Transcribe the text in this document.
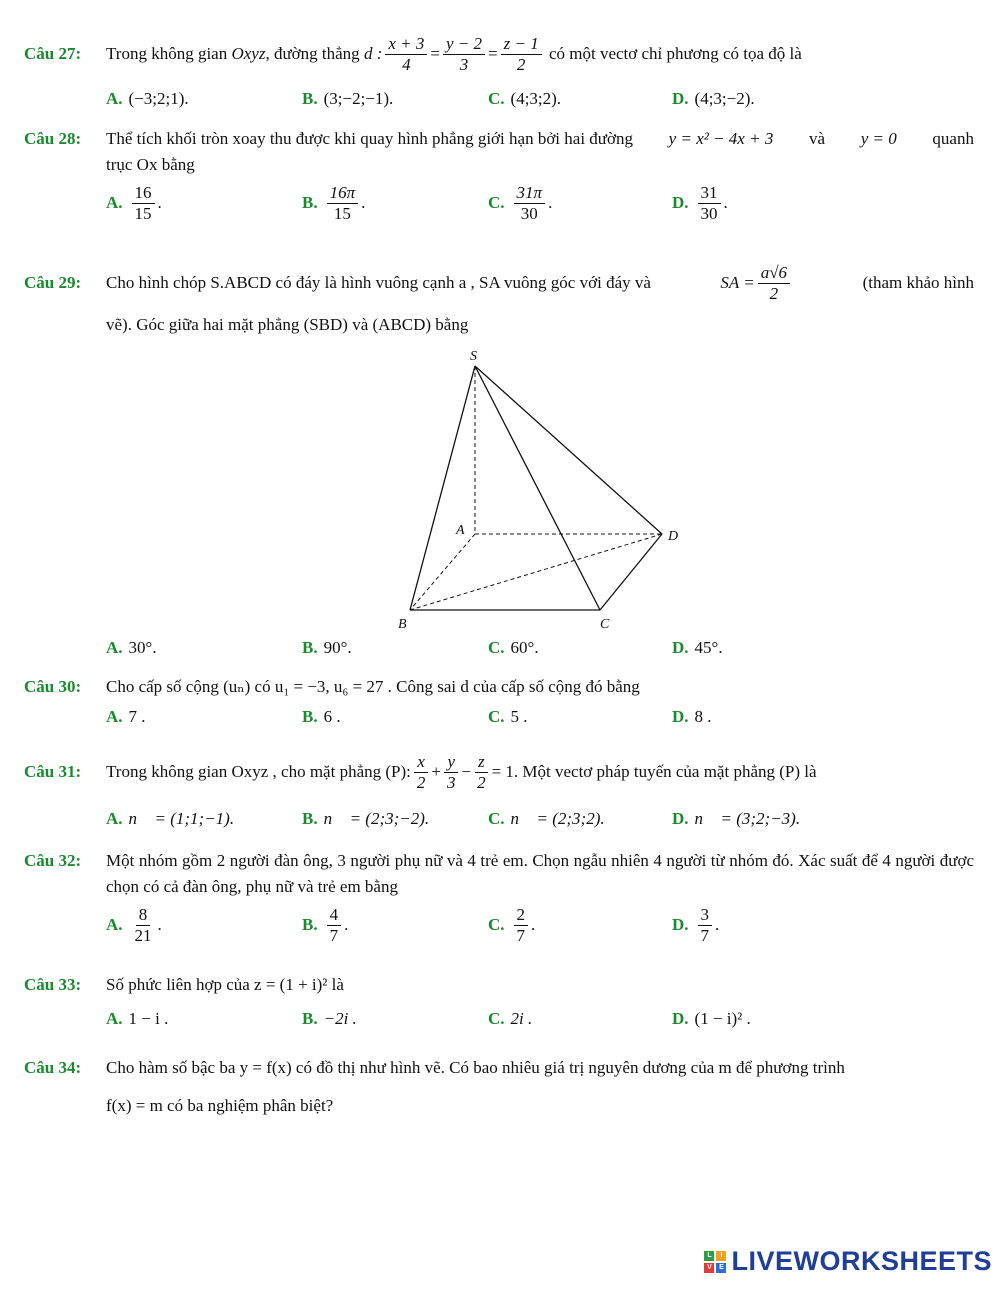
Câu 27: Trong không gian Oxyz , đường thẳng d : $\frac{x + 3}{4} = \frac{y - 2}{3} = \frac{z - 1}{2}$ có một vectơ chỉ phương có tọa độ là
A. (−3;2;1).	B. (3;−2;−1).	C. (4;3;2).	D. (4;3;−2).
Câu 28: Thể tích khối tròn xoay thu được khi quay hình phẳng giới hạn bởi hai đường y = x² − 4x + 3 và y = 0 quanh
trục Ox bằng
A. $\frac{16}{15}$ .	B. $\frac{16\pi}{15}$ .	C. $\frac{31\pi}{30}$ .	D. $\frac{31}{30}$ .
Câu 29: Cho hình chóp S.ABCD có đáy là hình vuông cạnh a , SA vuông góc với đáy và	SA = $\frac{a√6}{2}$	(tham khảo hình
vẽ). Góc giữa hai mặt phẳng (SBD) và (ABCD) bằng
S
A
B	C
D
A. 30°.	B. 90°.	C. 60°.	D. 45°.
Câu 30: Cho cấp số cộng (uₙ) có u₁ = −3, u₆ = 27 . Công sai d của cấp số cộng đó bằng
A. 7 .	B. 6 .	C. 5 .	D. 8 .
Câu 31: Trong không gian Oxyz , cho mặt phẳng (P): $\frac{x}{2} + \frac{y}{3} - \frac{z}{2} = 1$ . Một vectơ pháp tuyến của mặt phẳng (P) là
A. n⃗ = (1;1;−1).	B. n⃗ = (2;3;−2).	C. n⃗ = (2;3;2).	D. n⃗ = (3;2;−3).
Câu 32: Một nhóm gồm 2 người đàn ông, 3 người phụ nữ và 4 trẻ em. Chọn ngẫu nhiên 4 người từ nhóm đó. Xác suất để 4 người được chọn có cả đàn ông, phụ nữ và trẻ em bằng
A. $\frac{8}{21}$ .	B. $\frac{4}{7}$ .	C. $\frac{2}{7}$ .	D. $\frac{3}{7}$ .
Câu 33: Số phức liên hợp của z = (1 + i)² là
A. 1 − i .	B. −2i .	C. 2i .	D. (1 − i)² .
Câu 34: Cho hàm số bậc ba y = f(x) có đồ thị như hình vẽ. Có bao nhiêu giá trị nguyên dương của m để phương trình
f(x) = m có ba nghiệm phân biệt?
L	I
V	E LIVEWORKSHEETS
